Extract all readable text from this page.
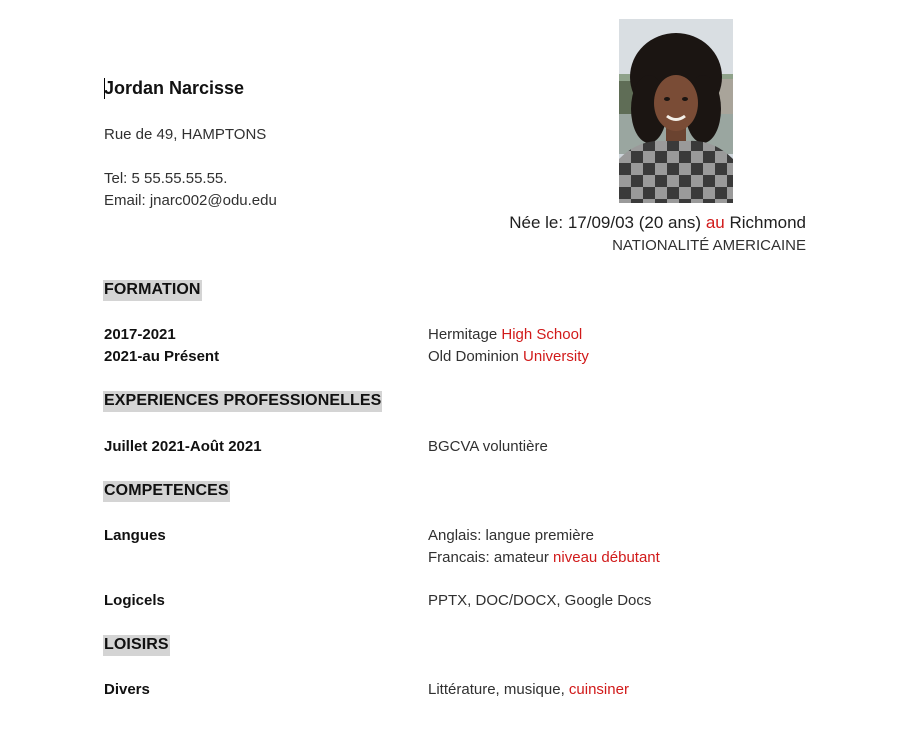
Jordan Narcisse
Rue de 49, HAMPTONS
Tel: 5 55.55.55.55.
Email: jnarc002@odu.edu
Née le: 17/09/03 (20 ans) au Richmond
NATIONALITÉ AMERICAINE
FORMATION
2017-2021	Hermitage High School
2021-au Présent	Old Dominion University
EXPERIENCES PROFESSIONELLES
Juillet 2021-Août 2021	BGCVA voluntière
COMPETENCES
Langues	Anglais: langue première
Francais: amateur niveau débutant
Logicels	PPTX, DOC/DOCX, Google Docs
LOISIRS
Divers	Littérature, musique, cuinsiner
